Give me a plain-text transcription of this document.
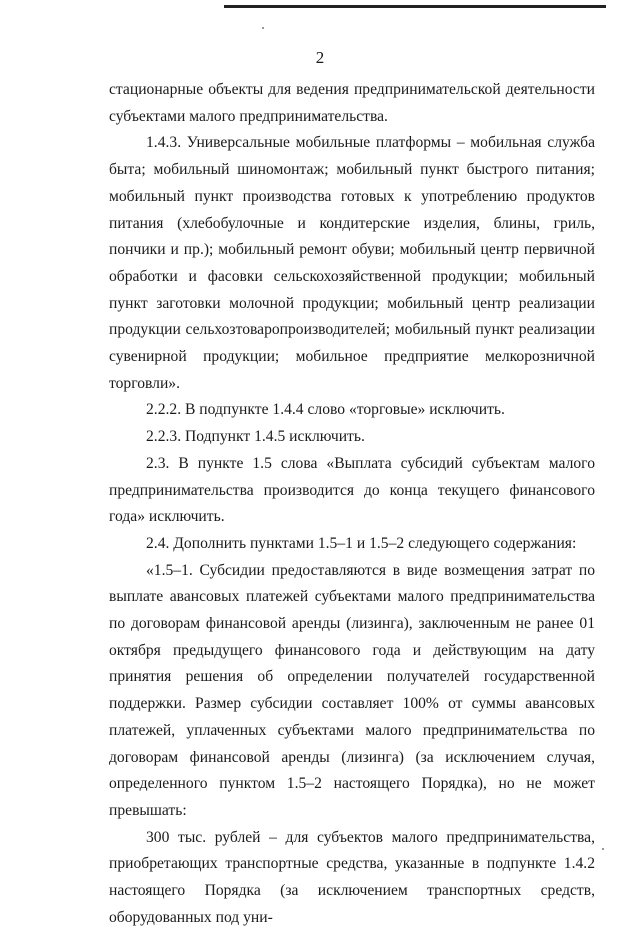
2

стационарные объекты для ведения предпринимательской деятельности субъектами малого предпринимательства.

1.4.3. Универсальные мобильные платформы – мобильная служба быта; мобильный шиномонтаж; мобильный пункт быстрого питания; мобильный пункт производства готовых к употреблению продуктов питания (хлебобулочные и кондитерские изделия, блины, гриль, пончики и пр.); мобильный ремонт обуви; мобильный центр первичной обработки и фасовки сельскохозяйственной продукции; мобильный пункт заготовки молочной продукции; мобильный центр реализации продукции сельхозтоваропроизводителей; мобильный пункт реализации сувенирной продукции; мобильное предприятие мелкорозничной торговли».

2.2.2. В подпункте 1.4.4 слово «торговые» исключить.

2.2.3. Подпункт 1.4.5 исключить.

2.3. В пункте 1.5 слова «Выплата субсидий субъектам малого предпринимательства производится до конца текущего финансового года» исключить.

2.4. Дополнить пунктами 1.5–1 и 1.5–2 следующего содержания:

«1.5–1. Субсидии предоставляются в виде возмещения затрат по выплате авансовых платежей субъектами малого предпринимательства по договорам финансовой аренды (лизинга), заключенным не ранее 01 октября предыдущего финансового года и действующим на дату принятия решения об определении получателей государственной поддержки. Размер субсидии составляет 100% от суммы авансовых платежей, уплаченных субъектами малого предпринимательства по договорам финансовой аренды (лизинга) (за исключением случая, определенного пунктом 1.5–2 настоящего Порядка), но не может превышать:

300 тыс. рублей – для субъектов малого предпринимательства, приобретающих транспортные средства, указанные в подпункте 1.4.2 настоящего Порядка (за исключением транспортных средств, оборудованных под уни-
